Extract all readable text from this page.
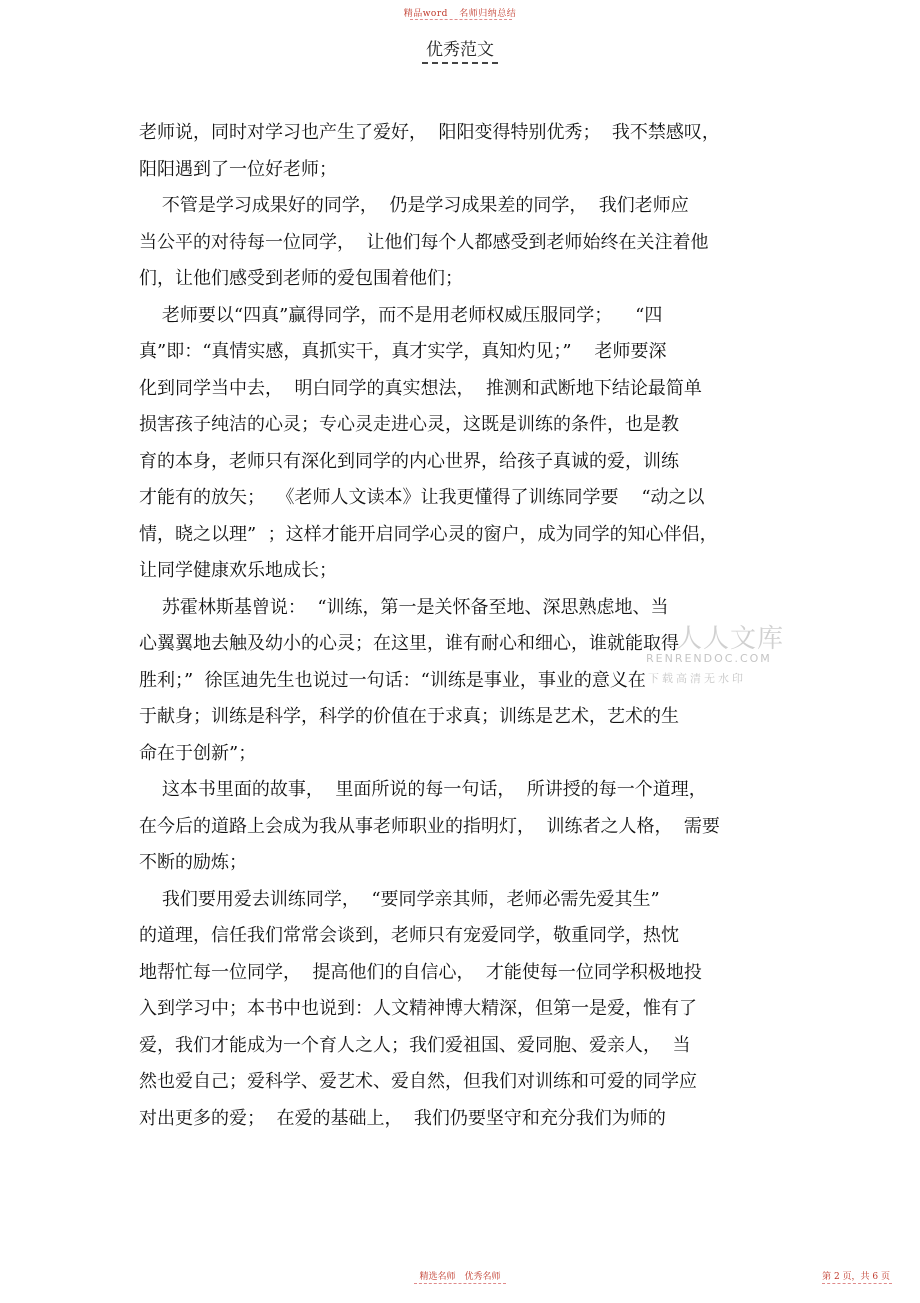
精品word 名师归纳总结
优秀范文
老师说，同时对学习也产生了爱好，  阳阳变得特别优秀；  我不禁感叹，
阳阳遇到了一位好老师；
不管是学习成果好的同学，  仍是学习成果差的同学，  我们老师应
当公平的对待每一位同学，  让他们每个人都感受到老师始终在关注着他
们，让他们感受到老师的爱包围着他们；
老师要以“四真”赢得同学，而不是用老师权威压服同学；    “四
真”即：“真情实感，真抓实干，真才实学，真知灼见；”    老师要深
化到同学当中去，  明白同学的真实想法，  推测和武断地下结论最简单
损害孩子纯洁的心灵；专心灵走进心灵，这既是训练的条件，也是教
育的本身，老师只有深化到同学的内心世界，给孩子真诚的爱，训练
才能有的放矢；  《老师人文读本》让我更懂得了训练同学要    “动之以
情，晓之以理”  ；这样才能开启同学心灵的窗户，成为同学的知心伴侣，
让同学健康欢乐地成长；
苏霍林斯基曾说：  “训练，第一是关怀备至地、深思熟虑地、当
心翼翼地去触及幼小的心灵；在这里，谁有耐心和细心，谁就能取得
胜利；”  徐匡迪先生也说过一句话：“训练是事业，事业的意义在
于献身；训练是科学，科学的价值在于求真；训练是艺术，艺术的生
命在于创新”；
这本书里面的故事，  里面所说的每一句话，  所讲授的每一个道理，
在今后的道路上会成为我从事老师职业的指明灯，  训练者之人格，  需要
不断的励炼；
我们要用爱去训练同学，  “要同学亲其师，老师必需先爱其生”
的道理，信任我们常常会谈到，老师只有宠爱同学，敬重同学，热忱
地帮忙每一位同学，  提高他们的自信心，  才能使每一位同学积极地投
入到学习中；本书中也说到：人文精神博大精深，但第一是爱，惟有了
爱，我们才能成为一个育人之人；我们爱祖国、爱同胞、爱亲人，  当
然也爱自己；爱科学、爱艺术、爱自然，但我们对训练和可爱的同学应
对出更多的爱；  在爱的基础上，  我们仍要坚守和充分我们为师的
人人文库
RENRENDOC.COM
下载高清无水印
精选名师 优秀名师	第 2 页，共 6 页
